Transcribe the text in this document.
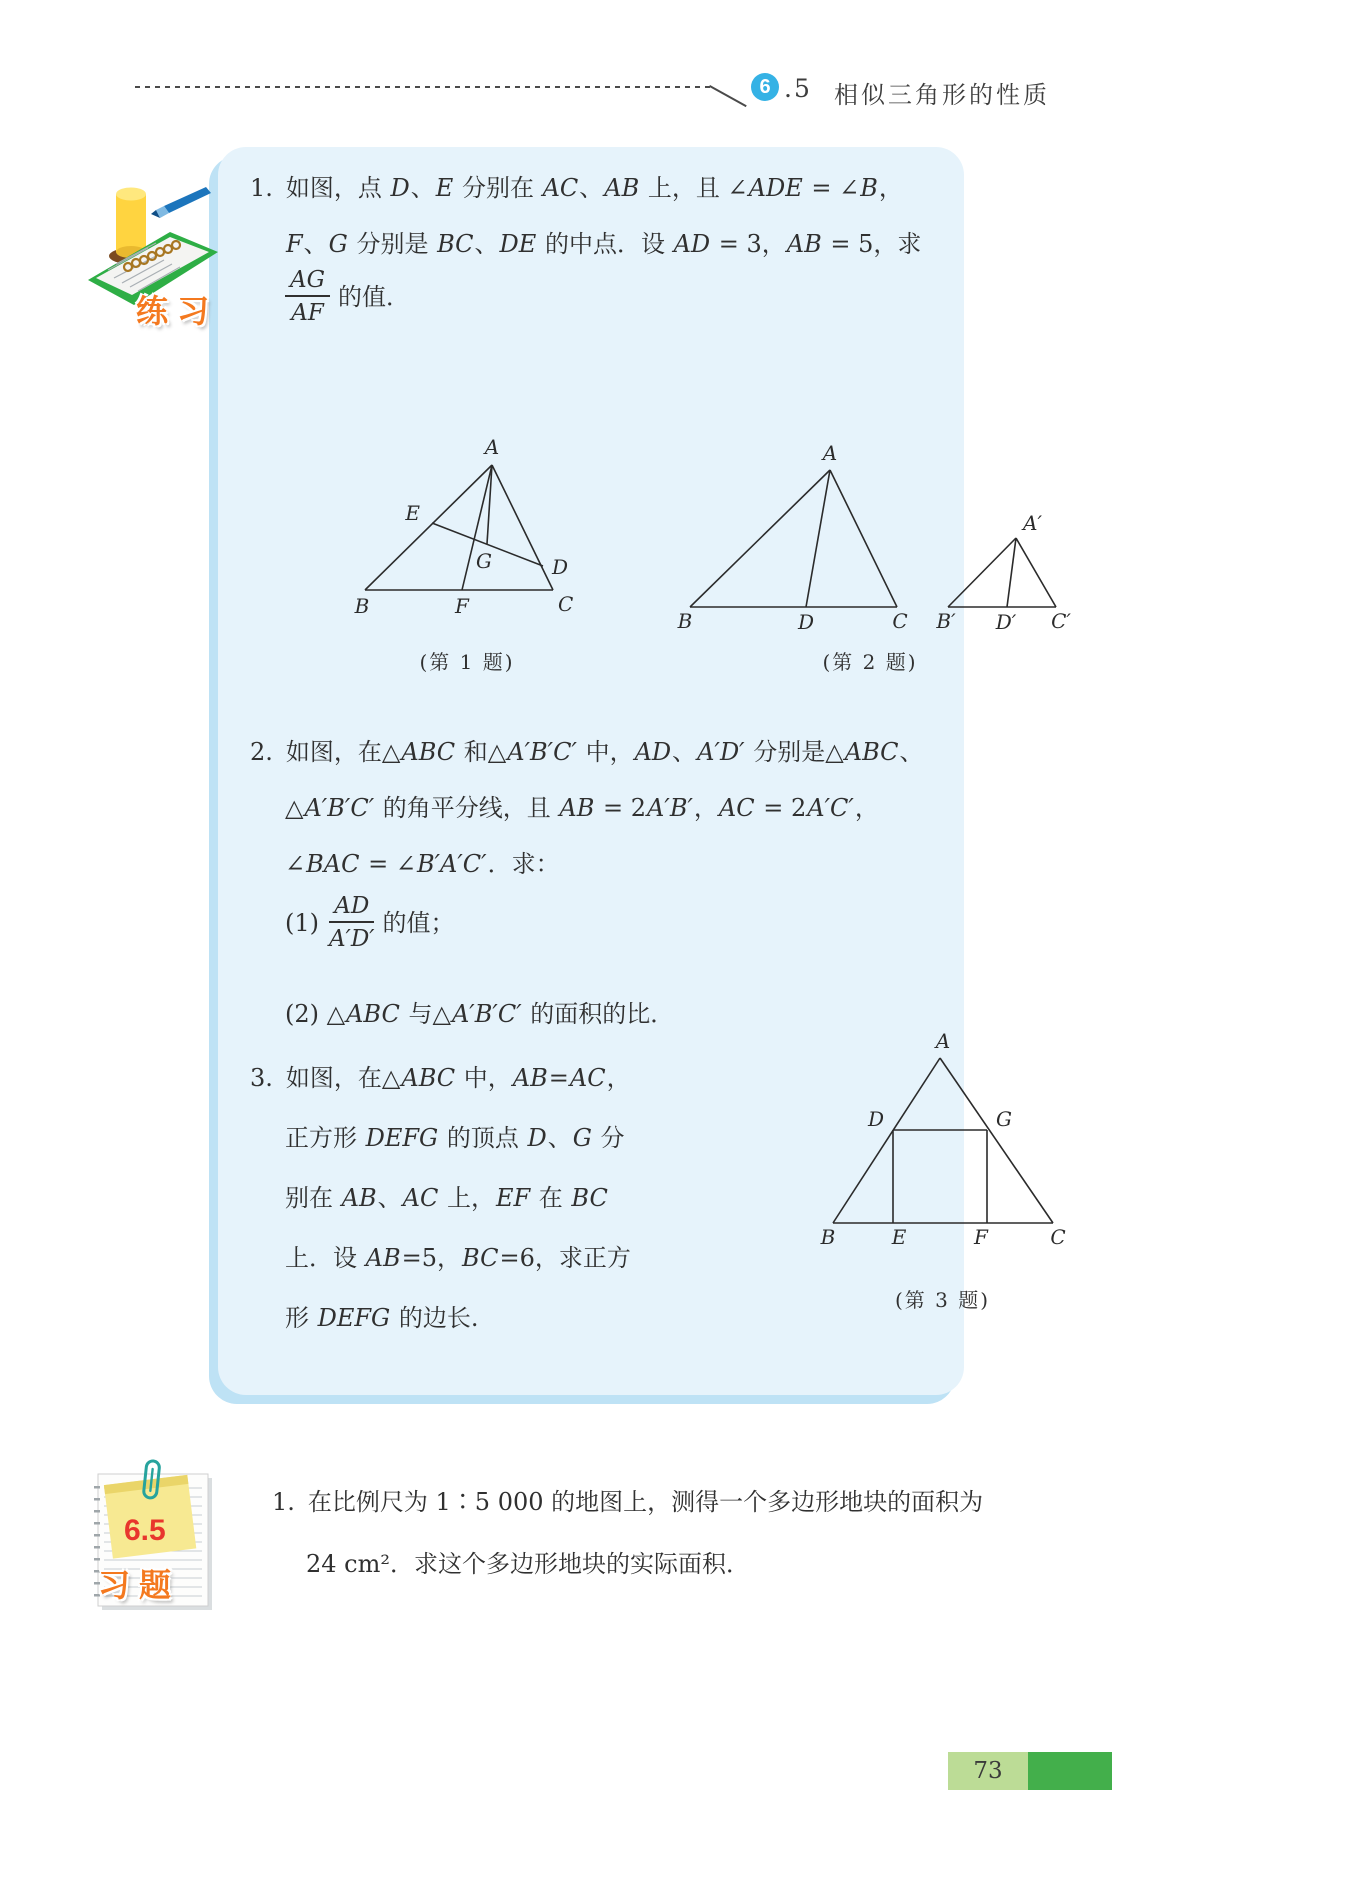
6 .5 相似三角形的性质
练习
1. 如图，点 D、E 分别在 AC、AB 上，且 ∠ADE = ∠B，
F、G 分别是 BC、DE 的中点．设 AD = 3，AB = 5，求
$\frac{AG}{AF}$ 的值．
A
E
G	D
B	F	C
(第 1 题)
A
B	D	C
A′
B′ D′ C′
(第 2 题)
2. 如图，在△ABC 和△A′B′C′ 中，AD、A′D′ 分别是△ABC、
△A′B′C′ 的角平分线，且 AB = 2A′B′，AC = 2A′C′，
∠BAC = ∠B′A′C′．求：
$(1) \frac{AD}{A'D'}$ 的值；
(2) △ABC 与△A′B′C′ 的面积的比．
3. 如图，在△ABC 中，AB=AC，
正方形 DEFG 的顶点 D、G 分
别在 AB、AC 上，EF 在 BC
上．设 AB=5，BC=6，求正方
形 DEFG 的边长.
A
D	G
B	E	F	C
(第 3 题)
6.5
习题
1. 在比例尺为 1∶5 000 的地图上，测得一个多边形地块的面积为
24 cm²．求这个多边形地块的实际面积．
73
